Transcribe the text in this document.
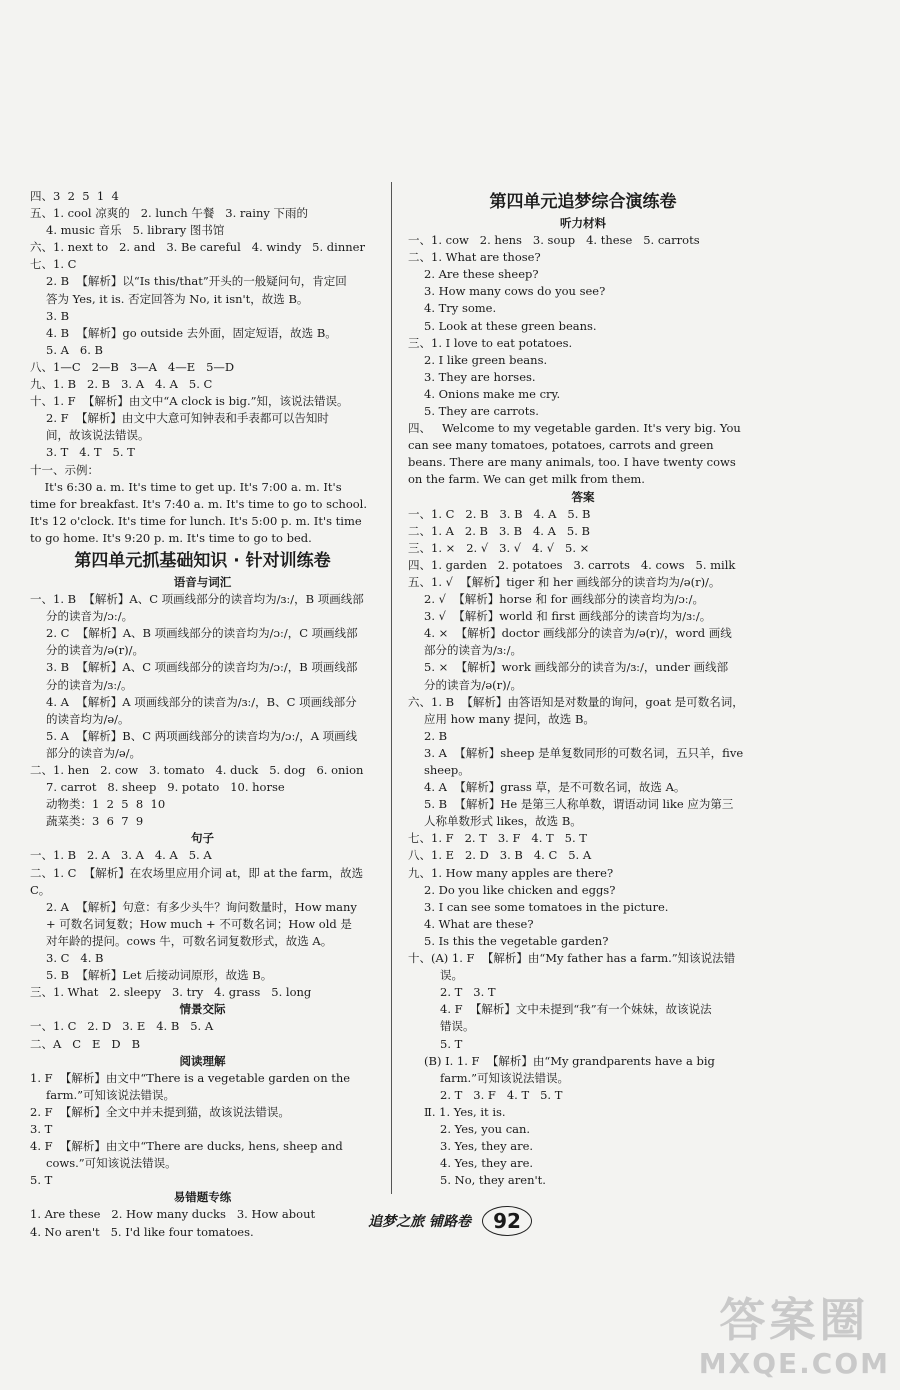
四、3  2  5  1  4
五、1. cool 凉爽的   2. lunch 午餐   3. rainy 下雨的
4. music 音乐   5. library 图书馆
六、1. next to   2. and   3. Be careful   4. windy   5. dinner
七、1. C
2. B  【解析】以“Is this/that”开头的一般疑问句，肯定回
答为 Yes, it is. 否定回答为 No, it isn't，故选 B。
3. B
4. B  【解析】go outside 去外面，固定短语，故选 B。
5. A   6. B
八、1—C   2—B   3—A   4—E   5—D
九、1. B   2. B   3. A   4. A   5. C
十、1. F  【解析】由文中“A clock is big.”知，该说法错误。
2. F  【解析】由文中大意可知钟表和手表都可以告知时
间，故该说法错误。
3. T   4. T   5. T
十一、示例：
It's 6:30 a. m. It's time to get up. It's 7:00 a. m. It's
time for breakfast. It's 7:40 a. m. It's time to go to school.
It's 12 o'clock. It's time for lunch. It's 5:00 p. m. It's time
to go home. It's 9:20 p. m. It's time to go to bed.
第四单元抓基础知识 · 针对训练卷
语音与词汇
一、1. B  【解析】A、C 项画线部分的读音均为/ɜː/，B 项画线部
分的读音为/ɔː/。
2. C  【解析】A、B 项画线部分的读音均为/ɔː/，C 项画线部
分的读音为/ə(r)/。
3. B  【解析】A、C 项画线部分的读音均为/ɔː/，B 项画线部
分的读音为/ɜː/。
4. A  【解析】A 项画线部分的读音为/ɜː/，B、C 项画线部分
的读音均为/ə/。
5. A  【解析】B、C 两项画线部分的读音均为/ɔː/，A 项画线
部分的读音为/ə/。
二、1. hen   2. cow   3. tomato   4. duck   5. dog   6. onion
7. carrot   8. sheep   9. potato   10. horse
动物类：1  2  5  8  10
蔬菜类：3  6  7  9
句子
一、1. B   2. A   3. A   4. A   5. A
二、1. C  【解析】在农场里应用介词 at，即 at the farm，故选 C。
2. A  【解析】句意：有多少头牛？询问数量时，How many
+ 可数名词复数；How much + 不可数名词；How old 是
对年龄的提问。cows 牛，可数名词复数形式，故选 A。
3. C   4. B
5. B  【解析】Let 后接动词原形，故选 B。
三、1. What   2. sleepy   3. try   4. grass   5. long
情景交际
一、1. C   2. D   3. E   4. B   5. A
二、A   C   E   D   B
阅读理解
1. F  【解析】由文中“There is a vegetable garden on the
farm.”可知该说法错误。
2. F  【解析】全文中并未提到猫，故该说法错误。
3. T
4. F  【解析】由文中“There are ducks, hens, sheep and
cows.”可知该说法错误。
5. T
易错题专练
1. Are these   2. How many ducks   3. How about
4. No aren't   5. I'd like four tomatoes.
第四单元追梦综合演练卷
听力材料
一、1. cow   2. hens   3. soup   4. these   5. carrots
二、1. What are those?
2. Are these sheep?
3. How many cows do you see?
4. Try some.
5. Look at these green beans.
三、1. I love to eat potatoes.
2. I like green beans.
3. They are horses.
4. Onions make me cry.
5. They are carrots.
四、   Welcome to my vegetable garden. It's very big. You
can see many tomatoes, potatoes, carrots and green
beans. There are many animals, too. I have twenty cows
on the farm. We can get milk from them.
答案
一、1. C   2. B   3. B   4. A   5. B
二、1. A   2. B   3. B   4. A   5. B
三、1. ×   2. √   3. √   4. √   5. ×
四、1. garden   2. potatoes   3. carrots   4. cows   5. milk
五、1. √  【解析】tiger 和 her 画线部分的读音均为/ə(r)/。
2. √  【解析】horse 和 for 画线部分的读音均为/ɔː/。
3. √  【解析】world 和 first 画线部分的读音均为/ɜː/。
4. ×  【解析】doctor 画线部分的读音为/ə(r)/，word 画线
部分的读音为/ɜː/。
5. ×  【解析】work 画线部分的读音为/ɜː/，under 画线部
分的读音为/ə(r)/。
六、1. B  【解析】由答语知是对数量的询问，goat 是可数名词，
应用 how many 提问，故选 B。
2. B
3. A  【解析】sheep 是单复数同形的可数名词，五只羊，five
sheep。
4. A  【解析】grass 草，是不可数名词，故选 A。
5. B  【解析】He 是第三人称单数，谓语动词 like 应为第三
人称单数形式 likes，故选 B。
七、1. F   2. T   3. F   4. T   5. T
八、1. E   2. D   3. B   4. C   5. A
九、1. How many apples are there?
2. Do you like chicken and eggs?
3. I can see some tomatoes in the picture.
4. What are these?
5. Is this the vegetable garden?
十、(A) 1. F  【解析】由“My father has a farm.”知该说法错
误。
2. T   3. T
4. F  【解析】文中未提到“我”有一个妹妹，故该说法
错误。
5. T
(B) Ⅰ. 1. F  【解析】由“My grandparents have a big
farm.”可知该说法错误。
2. T   3. F   4. T   5. T
Ⅱ. 1. Yes, it is.
2. Yes, you can.
3. Yes, they are.
4. Yes, they are.
5. No, they aren't.
追梦之旅 铺路卷 92
答案圈
MXQE.COM
